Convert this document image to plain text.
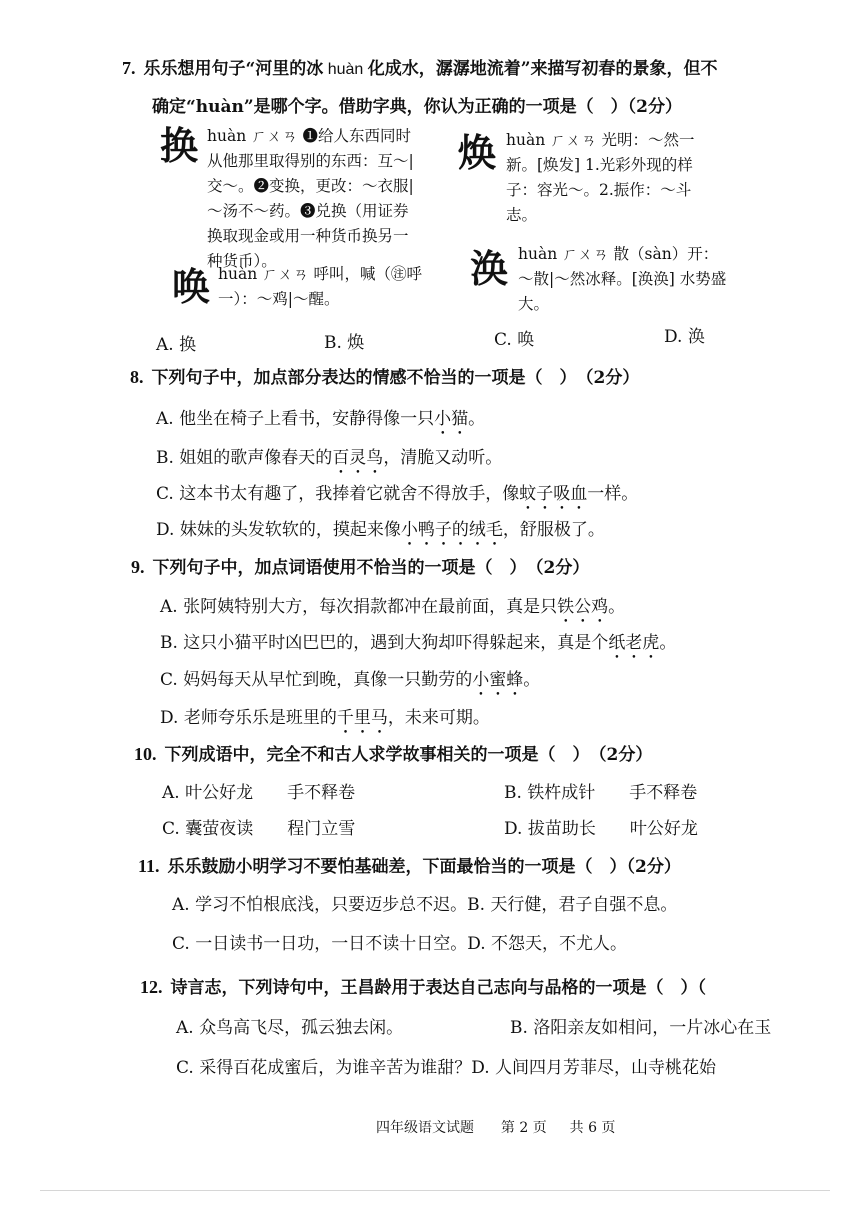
7. 乐乐想用句子“河里的冰 huàn 化成水，潺潺地流着”来描写初春的景象，但不
确定“huàn”是哪个字。借助字典，你认为正确的一项是（　）（2分）
换 huàn ㄏㄨㄢ ❶给人东西同时从他那里取得别的东西：互～|交～。❷变换，更改：～衣服|～汤不～药。❸兑换（用证券换取现金或用一种货币换另一种货币）。
焕 huàn ㄏㄨㄢ 光明：～然一新。[焕发] 1.光彩外现的样子：容光～。2.振作：～斗志。
唤 huàn ㄏㄨㄢ 呼叫，喊（㊟呼一）：～鸡|～醒。
涣 huàn ㄏㄨㄢ 散（sàn）开：～散|～然冰释。[涣涣] 水势盛大。
A. 换	B. 焕	C. 唤	D. 涣
8. 下列句子中，加点部分表达的情感不恰当的一项是（　）　（2分）
A. 他坐在椅子上看书，安静得像一只小猫。
B. 姐姐的歌声像春天的百灵鸟，清脆又动听。
C. 这本书太有趣了，我捧着它就舍不得放手，像蚊子吸血一样。
D. 妹妹的头发软软的，摸起来像小鸭子的绒毛，舒服极了。
9. 下列句子中，加点词语使用不恰当的一项是（　）　（2分）
A. 张阿姨特别大方，每次捐款都冲在最前面，真是只铁公鸡。
B. 这只小猫平时凶巴巴的，遇到大狗却吓得躲起来，真是个纸老虎。
C. 妈妈每天从早忙到晚，真像一只勤劳的小蜜蜂。
D. 老师夸乐乐是班里的千里马，未来可期。
10. 下列成语中，完全不和古人求学故事相关的一项是（　）　（2分）
A. 叶公好龙　　手不释卷	B. 铁杵成针　　手不释卷
C. 囊萤夜读　　程门立雪	D. 拔苗助长　　叶公好龙
11. 乐乐鼓励小明学习不要怕基础差，下面最恰当的一项是（　）（2分）
A. 学习不怕根底浅，只要迈步总不迟。B. 天行健，君子自强不息。
C. 一日读书一日功，一日不读十日空。D. 不怨天，不尤人。
12. 诗言志，下列诗句中，王昌龄用于表达自己志向与品格的一项是（　）（
A. 众鸟高飞尽，孤云独去闲。	B. 洛阳亲友如相问，一片冰心在玉
C. 采得百花成蜜后，为谁辛苦为谁甜？D. 人间四月芳菲尽，山寺桃花始
四年级语文试题 第 2 页 共 6 页
